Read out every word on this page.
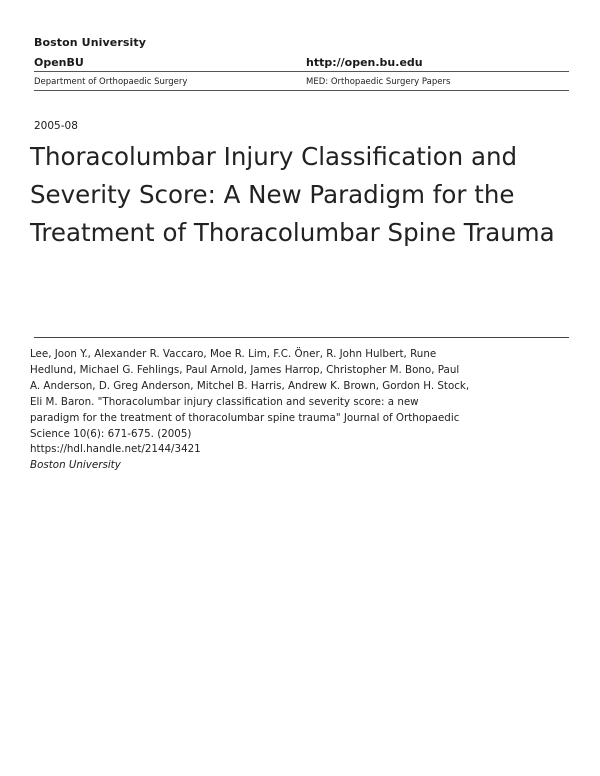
Boston University
OpenBU	http://open.bu.edu
Department of Orthopaedic Surgery	MED: Orthopaedic Surgery Papers
2005-08
Thoracolumbar Injury Classification and Severity Score: A New Paradigm for the Treatment of Thoracolumbar Spine Trauma
Lee, Joon Y., Alexander R. Vaccaro, Moe R. Lim, F.C. Öner, R. John Hulbert, Rune Hedlund, Michael G. Fehlings, Paul Arnold, James Harrop, Christopher M. Bono, Paul A. Anderson, D. Greg Anderson, Mitchel B. Harris, Andrew K. Brown, Gordon H. Stock, Eli M. Baron. "Thoracolumbar injury classification and severity score: a new paradigm for the treatment of thoracolumbar spine trauma" Journal of Orthopaedic Science 10(6): 671-675. (2005)
https://hdl.handle.net/2144/3421
Boston University
